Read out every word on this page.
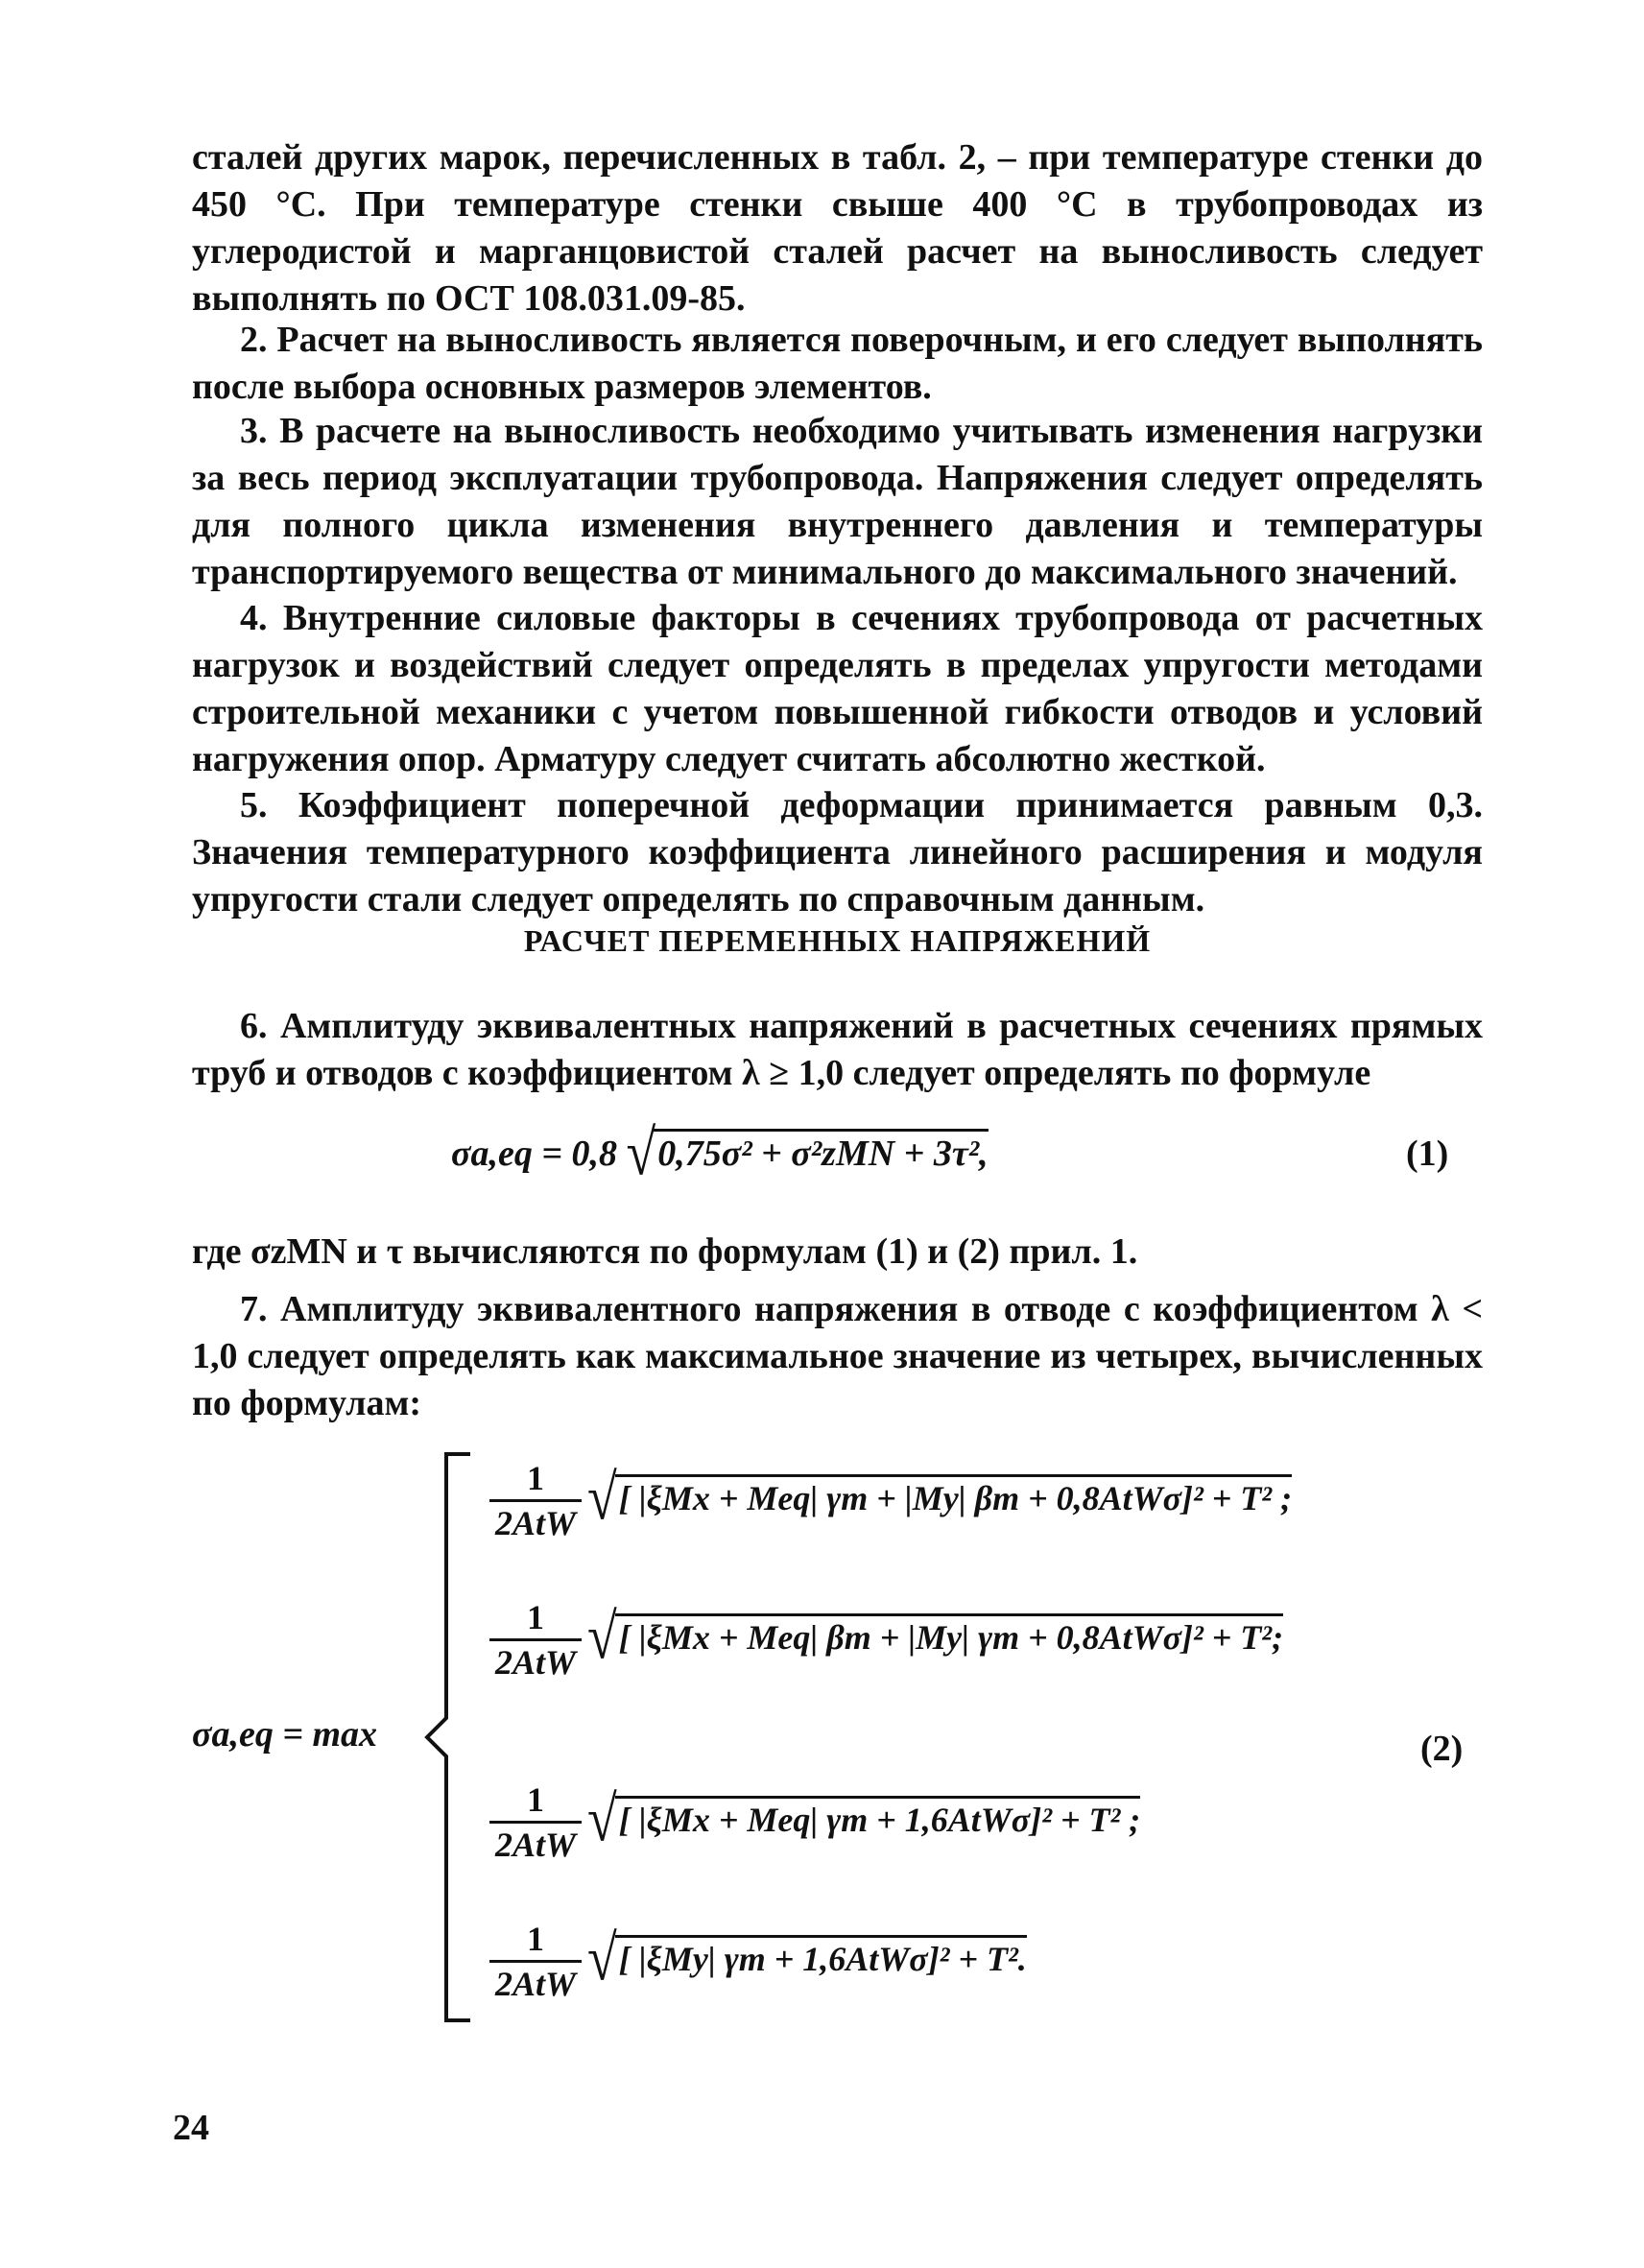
сталей других марок, перечисленных в табл. 2, – при температуре стенки до 450 °С. При температуре стенки свыше 400 °С в трубопроводах из углеродистой и марганцовистой сталей расчет на выносливость следует выполнять по ОСТ 108.031.09-85.
2. Расчет на выносливость является поверочным, и его следует выполнять после выбора основных размеров элементов.
3. В расчете на выносливость необходимо учитывать изменения нагрузки за весь период эксплуатации трубопровода. Напряжения следует определять для полного цикла изменения внутреннего давления и температуры транспортируемого вещества от минимального до максимального значений.
4. Внутренние силовые факторы в сечениях трубопровода от расчетных нагрузок и воздействий следует определять в пределах упругости методами строительной механики с учетом повышенной гибкости отводов и условий нагружения опор. Арматуру следует считать абсолютно жесткой.
5. Коэффициент поперечной деформации принимается равным 0,3. Значения температурного коэффициента линейного расширения и модуля упругости стали следует определять по справочным данным.
РАСЧЕТ ПЕРЕМЕННЫХ НАПРЯЖЕНИЙ
6. Амплитуду эквивалентных напряжений в расчетных сечениях прямых труб и отводов с коэффициентом λ ≥ 1,0 следует определять по формуле
σa,eq = 0,8 √0,75σ² + σ²zMN + 3τ²,	(1)
где σzMN и τ вычисляются по формулам (1) и (2) прил. 1.
7. Амплитуду эквивалентного напряжения в отводе с коэффициентом λ < 1,0 следует определять как максимальное значение из четырех, вычисленных по формулам:
σa,eq = max
$\frac{1}{\text{2AtW}}$ √[ |ξMx + Meq| γm + |My| βm + 0,8AtWσ]² + T² ;
$\frac{1}{\text{2AtW}}$ √[ |ξMx + Meq| βm + |My| γm + 0,8AtWσ]² + T²;
(2)
$\frac{1}{\text{2AtW}}$ √[ |ξMx + Meq| γm + 1,6AtWσ]² + T² ;
$\frac{1}{\text{2AtW}}$ √[ |ξMy| γm + 1,6AtWσ]² + T².
24
